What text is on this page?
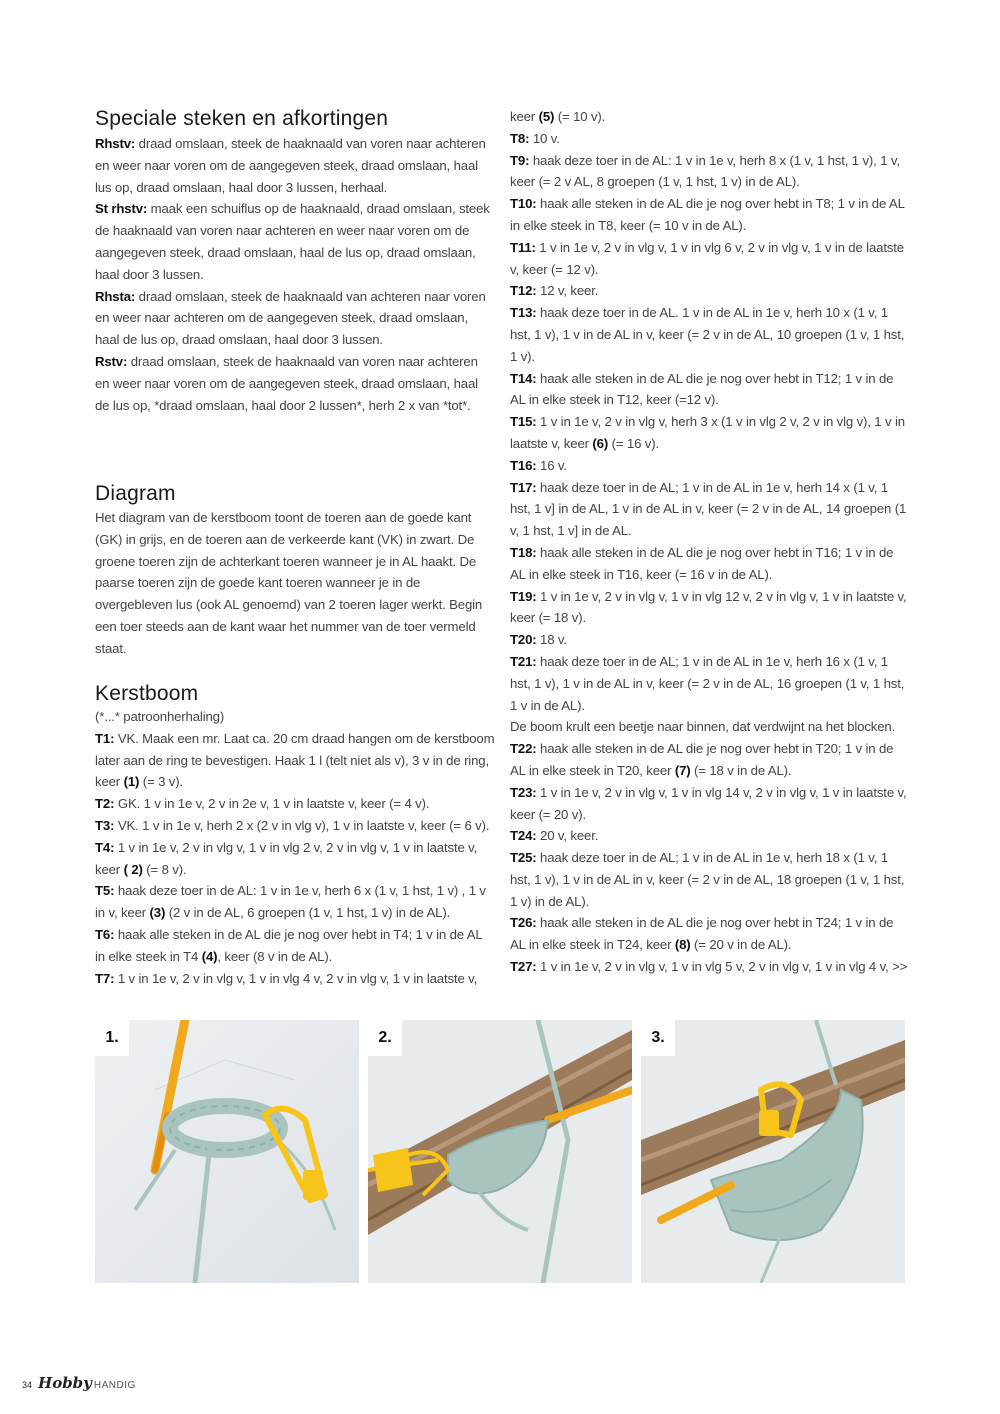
Speciale steken en afkortingen

Rhstv: draad omslaan, steek de haaknaald van voren naar achteren en weer naar voren om de aangegeven steek, draad omslaan, haal lus op, draad omslaan, haal door 3 lussen, herhaal.

St rhstv: maak een schuiflus op de haaknaald, draad omslaan, steek de haaknaald van voren naar achteren en weer naar voren om de aangegeven steek, draad omslaan, haal de lus op, draad omslaan, haal door 3 lussen.

Rhsta: draad omslaan, steek de haaknaald van achteren naar voren en weer naar achteren om de aangegeven steek, draad omslaan, haal de lus op, draad omslaan, haal door 3 lussen.

Rstv: draad omslaan, steek de haaknaald van voren naar achteren en weer naar voren om de aangegeven steek, draad omslaan, haal de lus op, *draad omslaan, haal door 2 lussen*, herh 2 x van *tot*.

Diagram

Het diagram van de kerstboom toont de toeren aan de goede kant (GK) in grijs, en de toeren aan de verkeerde kant (VK) in zwart. De groene toeren zijn de achterkant toeren wanneer je in AL haakt. De paarse toeren zijn de goede kant toeren wanneer je in de overgebleven lus (ook AL genoemd) van 2 toeren lager werkt. Begin een toer steeds aan de kant waar het nummer van de toer vermeld staat.

Kerstboom

(*...* patroonherhaling)

T1: VK. Maak een mr. Laat ca. 20 cm draad hangen om de kerstboom later aan de ring te bevestigen. Haak 1 l (telt niet als v), 3 v in de ring, keer (1) (= 3 v).

T2: GK. 1 v in 1e v, 2 v in 2e v, 1 v in laatste v, keer (= 4 v).

T3: VK. 1 v in 1e v, herh 2 x (2 v in vlg v), 1 v in laatste v, keer (= 6 v).

T4: 1 v in 1e v, 2 v in vlg v, 1 v in vlg 2 v, 2 v in vlg v, 1 v in laatste v, keer ( 2) (= 8 v).

T5: haak deze toer in de AL: 1 v in 1e v, herh 6 x (1 v, 1 hst, 1 v) , 1 v in v, keer (3) (2 v in de AL, 6 groepen (1 v, 1 hst, 1 v) in de AL).

T6: haak alle steken in de AL die je nog over hebt in T4; 1 v in de AL in elke steek in T4 (4), keer (8 v in de AL).

T7: 1 v in 1e v, 2 v in vlg v, 1 v in vlg 4 v, 2 v in vlg v, 1 v in laatste v,

keer (5) (= 10 v).

T8: 10 v.

T9: haak deze toer in de AL: 1 v in 1e v, herh 8 x (1 v, 1 hst, 1 v), 1 v, keer (= 2 v AL, 8 groepen (1 v, 1 hst, 1 v) in de AL).

T10: haak alle steken in de AL die je nog over hebt in T8; 1 v in de AL in elke steek in T8, keer (= 10 v in de AL).

T11: 1 v in 1e v, 2 v in vlg v, 1 v in vlg 6 v, 2 v in vlg v, 1 v in de laatste v, keer (= 12 v).

T12: 12 v, keer.

T13: haak deze toer in de AL. 1 v in de AL in 1e v, herh 10 x (1 v, 1 hst, 1 v), 1 v in de AL in v, keer (= 2 v in de AL, 10 groepen (1 v, 1 hst, 1 v).

T14: haak alle steken in de AL die je nog over hebt in T12; 1 v in de AL in elke steek in T12, keer (=12 v).

T15: 1 v in 1e v, 2 v in vlg v, herh 3 x (1 v in vlg 2 v, 2 v in vlg v), 1 v in laatste v, keer (6) (= 16 v).

T16: 16 v.

T17: haak deze toer in de AL; 1 v in de AL in 1e v, herh 14 x (1 v, 1 hst, 1 v] in de AL, 1 v in de AL in v, keer (= 2 v in de AL, 14 groepen (1 v, 1 hst, 1 v] in de AL.

T18: haak alle steken in de AL die je nog over hebt in T16; 1 v in de AL in elke steek in T16, keer (= 16 v in de AL).

T19: 1 v in 1e v, 2 v in vlg v, 1 v in vlg 12 v, 2 v in vlg v, 1 v in laatste v, keer (= 18 v).

T20: 18 v.

T21: haak deze toer in de AL; 1 v in de AL in 1e v, herh 16 x (1 v, 1 hst, 1 v), 1 v in de AL in v, keer (= 2 v in de AL, 16 groepen (1 v, 1 hst, 1 v in de AL).

De boom krult een beetje naar binnen, dat verdwijnt na het blocken.

T22: haak alle steken in de AL die je nog over hebt in T20; 1 v in de AL in elke steek in T20, keer (7) (= 18 v in de AL).

T23: 1 v in 1e v, 2 v in vlg v, 1 v in vlg 14 v, 2 v in vlg v, 1 v in laatste v, keer (= 20 v).

T24: 20 v, keer.

T25: haak deze toer in de AL; 1 v in de AL in 1e v, herh 18 x (1 v, 1 hst, 1 v), 1 v in de AL in v, keer (= 2 v in de AL, 18 groepen (1 v, 1 hst, 1 v) in de AL).

T26: haak alle steken in de AL die je nog over hebt in T24; 1 v in de AL in elke steek in T24, keer (8) (= 20 v in de AL).

T27: 1 v in 1e v, 2 v in vlg v, 1 v in vlg 5 v, 2 v in vlg v, 1 v in vlg 4 v, >>

1.	2.	3.
34 Hobby HANDIG
